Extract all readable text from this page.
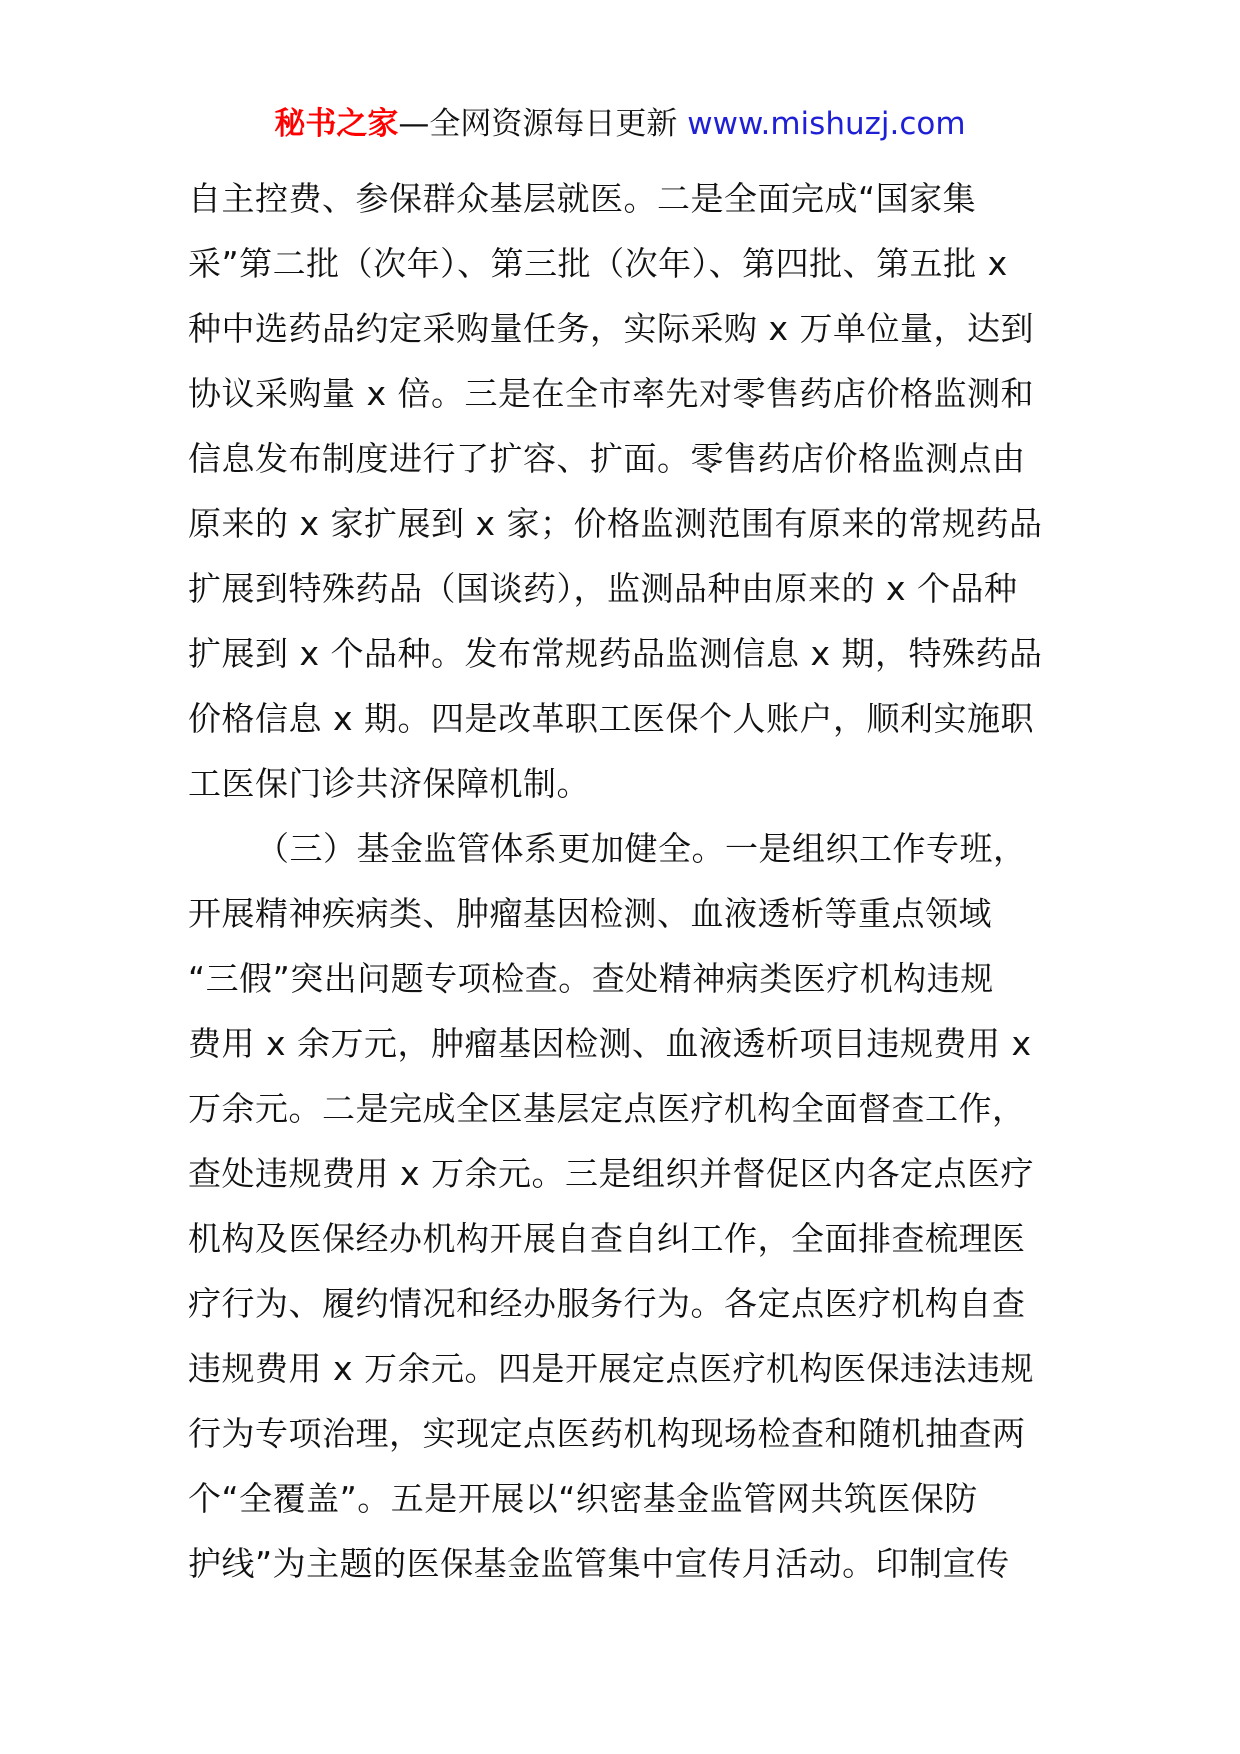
秘书之家—全网资源每日更新 www.mishuzj.com

自主控费、参保群众基层就医。二是全面完成“国家集
采”第二批（次年）、第三批（次年）、第四批、第五批 x
种中选药品约定采购量任务，实际采购 x 万单位量，达到
协议采购量 x 倍。三是在全市率先对零售药店价格监测和
信息发布制度进行了扩容、扩面。零售药店价格监测点由
原来的 x 家扩展到 x 家；价格监测范围有原来的常规药品
扩展到特殊药品（国谈药），监测品种由原来的 x 个品种
扩展到 x 个品种。发布常规药品监测信息 x 期，特殊药品
价格信息 x 期。四是改革职工医保个人账户，顺利实施职
工医保门诊共济保障机制。

（三）基金监管体系更加健全。一是组织工作专班，
开展精神疾病类、肿瘤基因检测、血液透析等重点领域
“三假”突出问题专项检查。查处精神病类医疗机构违规
费用 x 余万元，肿瘤基因检测、血液透析项目违规费用 x
万余元。二是完成全区基层定点医疗机构全面督查工作，
查处违规费用 x 万余元。三是组织并督促区内各定点医疗
机构及医保经办机构开展自查自纠工作，全面排查梳理医
疗行为、履约情况和经办服务行为。各定点医疗机构自查
违规费用 x 万余元。四是开展定点医疗机构医保违法违规
行为专项治理，实现定点医药机构现场检查和随机抽查两
个“全覆盖”。五是开展以“织密基金监管网共筑医保防
护线”为主题的医保基金监管集中宣传月活动。印制宣传
